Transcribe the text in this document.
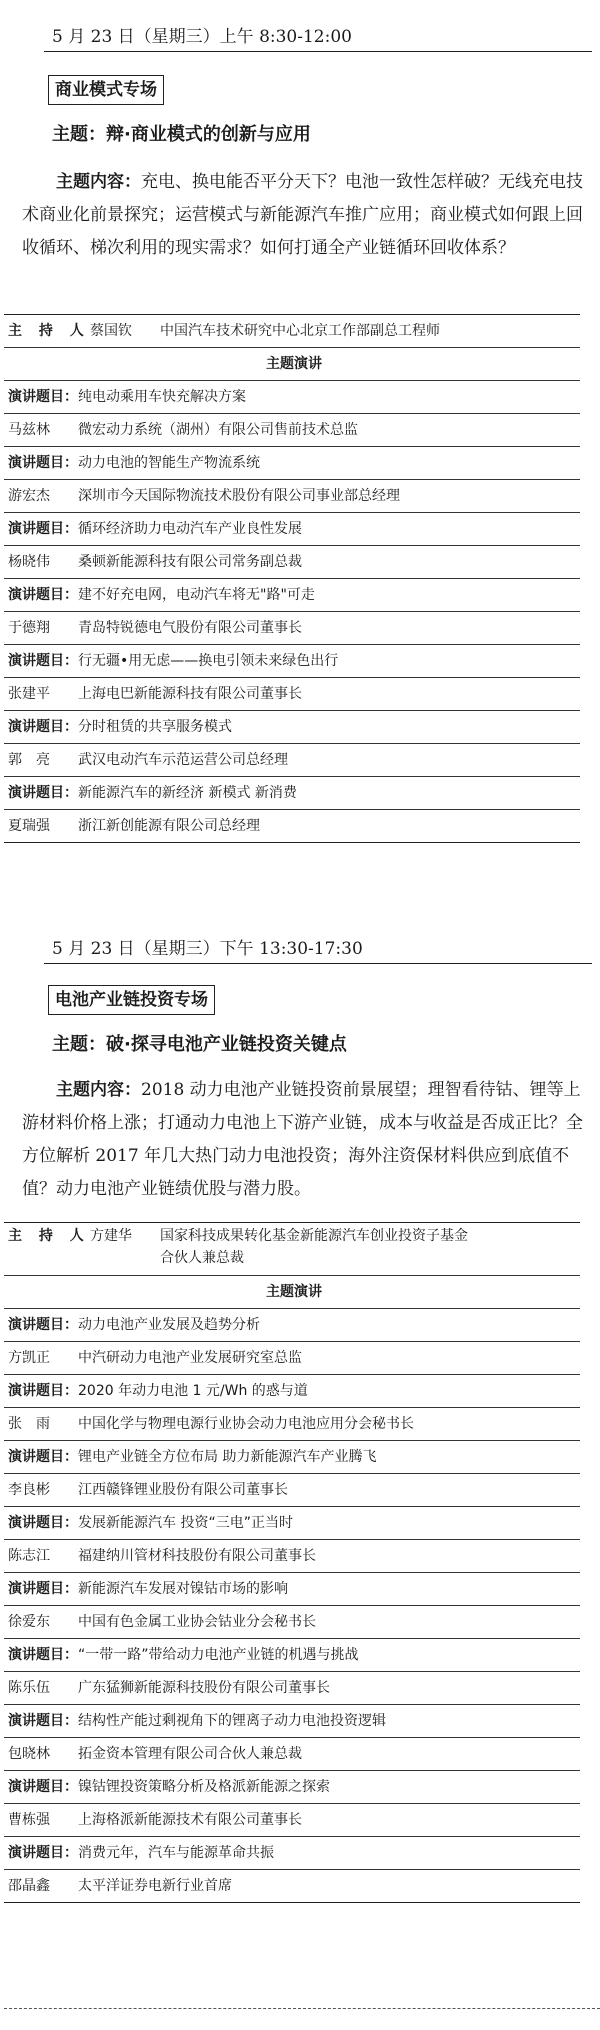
5 月 23 日（星期三）上午 8:30-12:00
商业模式专场
主题：辩·商业模式的创新与应用
主题内容：充电、换电能否平分天下？电池一致性怎样破？无线充电技术商业化前景探究；运营模式与新能源汽车推广应用；商业模式如何跟上回收循环、梯次利用的现实需求？如何打通全产业链循环回收体系？
主 持 人蔡国钦 中国汽车技术研究中心北京工作部副总工程师
主题演讲
演讲题目：纯电动乘用车快充解决方案
马兹林 微宏动力系统（湖州）有限公司售前技术总监
演讲题目：动力电池的智能生产物流系统
游宏杰 深圳市今天国际物流技术股份有限公司事业部总经理
演讲题目：循环经济助力电动汽车产业良性发展
杨晓伟 桑顿新能源科技有限公司常务副总裁
演讲题目：建不好充电网，电动汽车将无"路"可走
于德翔 青岛特锐德电气股份有限公司董事长
演讲题目：行无疆•用无虑——换电引领未来绿色出行
张建平 上海电巴新能源科技有限公司董事长
演讲题目：分时租赁的共享服务模式
郭　亮 武汉电动汽车示范运营公司总经理
演讲题目：新能源汽车的新经济 新模式 新消费
夏瑞强 浙江新创能源有限公司总经理
5 月 23 日（星期三）下午 13:30-17:30
电池产业链投资专场
主题：破·探寻电池产业链投资关键点
主题内容：2018 动力电池产业链投资前景展望；理智看待钴、锂等上游材料价格上涨；打通动力电池上下游产业链，成本与收益是否成正比？全方位解析 2017 年几大热门动力电池投资；海外注资保材料供应到底值不值？动力电池产业链绩优股与潜力股。
主 持 人方建华 国家科技成果转化基金新能源汽车创业投资子基金
合伙人兼总裁
主题演讲
演讲题目：动力电池产业发展及趋势分析
方凯正 中汽研动力电池产业发展研究室总监
演讲题目：2020 年动力电池 1 元/Wh 的惑与道
张　雨 中国化学与物理电源行业协会动力电池应用分会秘书长
演讲题目：锂电产业链全方位布局 助力新能源汽车产业腾飞
李良彬 江西赣锋锂业股份有限公司董事长
演讲题目：发展新能源汽车 投资“三电”正当时
陈志江 福建纳川管材科技股份有限公司董事长
演讲题目：新能源汽车发展对镍钴市场的影响
徐爱东 中国有色金属工业协会钴业分会秘书长
演讲题目：“一带一路”带给动力电池产业链的机遇与挑战
陈乐伍 广东猛狮新能源科技股份有限公司董事长
演讲题目：结构性产能过剩视角下的锂离子动力电池投资逻辑
包晓林 拓金资本管理有限公司合伙人兼总裁
演讲题目：镍钴锂投资策略分析及格派新能源之探索
曹栋强 上海格派新能源技术有限公司董事长
演讲题目：消费元年，汽车与能源革命共振
邵晶鑫 太平洋证券电新行业首席
